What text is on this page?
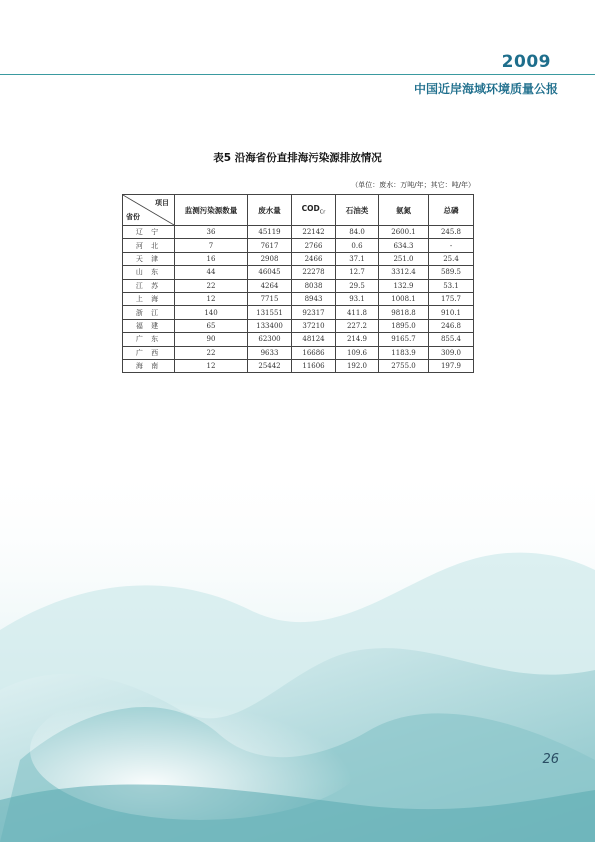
2009
中国近岸海域环境质量公报
表5 沿海省份直排海污染源排放情况
（单位：废水：万吨/年；其它：吨/年）
项目
省份	监测污染源数量	废水量	$COD_{Cr}$	石油类	氨氮	总磷
辽 宁	36	45119	22142	84.0	2600.1	245.8
河 北	7	7617	2766	0.6	634.3	-
天 津	16	2908	2466	37.1	251.0	25.4
山 东	44	46045	22278	12.7	3312.4	589.5
江 苏	22	4264	8038	29.5	132.9	53.1
上 海	12	7715	8943	93.1	1008.1	175.7
浙 江	140	131551	92317	411.8	9818.8	910.1
福 建	65	133400	37210	227.2	1895.0	246.8
广 东	90	62300	48124	214.9	9165.7	855.4
广 西	22	9633	16686	109.6	1183.9	309.0
海 南	12	25442	11606	192.0	2755.0	197.9
26
